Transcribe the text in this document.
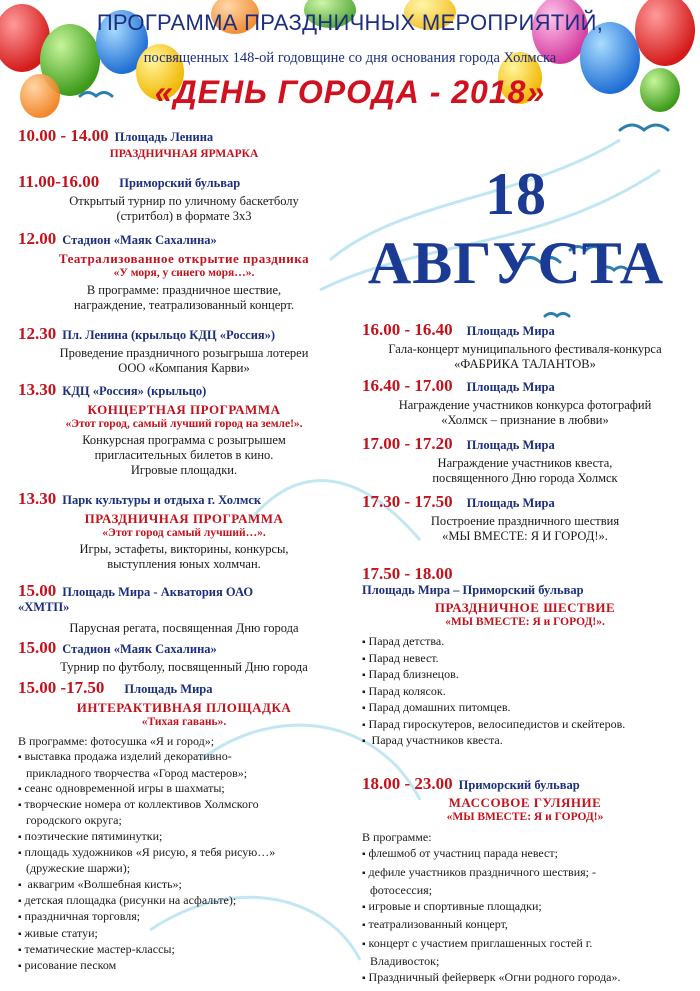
ПРОГРАММА ПРАЗДНИЧНЫХ МЕРОПРИЯТИЙ,
посвященных 148-ой годовщине со дня основания города Холмска
«ДЕНЬ ГОРОДА - 2018»
18 АВГУСТА
10.00 - 14.00 Площадь Ленина
ПРАЗДНИЧНАЯ ЯРМАРКА
11.00-16.00 Приморский бульвар
Открытый турнир по уличному баскетболу
(стритбол) в формате 3х3
12.00 Стадион «Маяк Сахалина»
Театрализованное открытие праздника
«У моря, у синего моря…».
В программе: праздничное шествие,
награждение, театрализованный концерт.
12.30 Пл. Ленина (крыльцо КДЦ «Россия»)
Проведение праздничного розыгрыша лотереи
ООО «Компания Карви»
13.30 КДЦ «Россия» (крыльцо)
КОНЦЕРТНАЯ ПРОГРАММА
«Этот город, самый лучший город на земле!».
Конкурсная программа с розыгрышем
пригласительных билетов в кино.
Игровые площадки.
13.30 Парк культуры и отдыха г. Холмск
ПРАЗДНИЧНАЯ ПРОГРАММА
«Этот город самый лучший…».
Игры, эстафеты, викторины, конкурсы,
выступления юных холмчан.
15.00 Площадь Мира - Акватория ОАО
«ХМТП»
Парусная регата, посвященная Дню города
15.00 Стадион «Маяк Сахалина»
Турнир по футболу, посвященный Дню города
15.00 -17.50 Площадь Мира
ИНТЕРАКТИВНАЯ ПЛОЩАДКА
«Тихая гавань».
В программе: фотосушка «Я и город»;
▪ выставка продажа изделий декоративно-
прикладного творчества «Город мастеров»;
▪ сеанс одновременной игры в шахматы;
▪ творческие номера от коллективов Холмского
городского округа;
▪ поэтические пятиминутки;
▪ площадь художников «Я рисую, я тебя рисую…»
(дружеские шаржи);
▪ аквагрим «Волшебная кисть»;
▪ детская площадка (рисунки на асфальте);
▪ праздничная торговля;
▪ живые статуи;
▪ тематические мастер-классы;
▪ рисование песком
16.00 - 16.40 Площадь Мира
Гала-концерт муниципального фестиваля-конкурса
«ФАБРИКА ТАЛАНТОВ»
16.40 - 17.00 Площадь Мира
Награждение участников конкурса фотографий
«Холмск – признание в любви»
17.00 - 17.20 Площадь Мира
Награждение участников квеста,
посвященного Дню города Холмск
17.30 - 17.50 Площадь Мира
Построение праздничного шествия
«МЫ ВМЕСТЕ: Я И ГОРОД!».
17.50 - 18.00
Площадь Мира – Приморский бульвар
ПРАЗДНИЧНОЕ ШЕСТВИЕ
«МЫ ВМЕСТЕ: Я и ГОРОД!».
▪ Парад детства.
▪ Парад невест.
▪ Парад близнецов.
▪ Парад колясок.
▪ Парад домашних питомцев.
▪ Парад гироскутеров, велосипедистов и скейтеров.
▪ Парад участников квеста.
18.00 - 23.00 Приморский бульвар
МАССОВОЕ ГУЛЯНИЕ
«МЫ ВМЕСТЕ: Я и ГОРОД!»
В программе:
▪ флешмоб от участниц парада невест;
▪ дефиле участников праздничного шествия; -
фотосессия;
▪ игровые и спортивные площадки;
▪ театрализованный концерт,
▪ концерт с участием приглашенных гостей г.
Владивосток;
▪ Праздничный фейерверк «Огни родного города».
